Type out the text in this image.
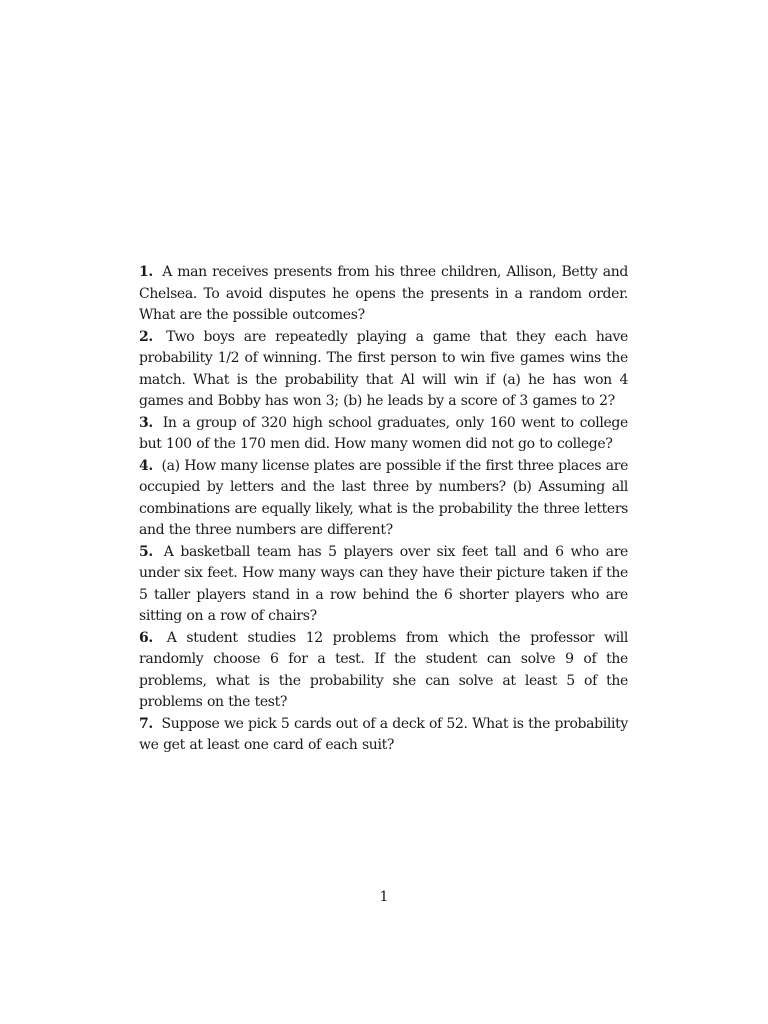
1. A man receives presents from his three children, Allison, Betty and Chelsea. To avoid disputes he opens the presents in a random order. What are the possible outcomes?
2. Two boys are repeatedly playing a game that they each have probability 1/2 of winning. The first person to win five games wins the match. What is the probability that Al will win if (a) he has won 4 games and Bobby has won 3; (b) he leads by a score of 3 games to 2?
3. In a group of 320 high school graduates, only 160 went to college but 100 of the 170 men did. How many women did not go to college?
4. (a) How many license plates are possible if the first three places are occupied by letters and the last three by numbers? (b) Assuming all combinations are equally likely, what is the probability the three letters and the three numbers are different?
5. A basketball team has 5 players over six feet tall and 6 who are under six feet. How many ways can they have their picture taken if the 5 taller players stand in a row behind the 6 shorter players who are sitting on a row of chairs?
6. A student studies 12 problems from which the professor will randomly choose 6 for a test. If the student can solve 9 of the problems, what is the probability she can solve at least 5 of the problems on the test?
7. Suppose we pick 5 cards out of a deck of 52. What is the probability we get at least one card of each suit?
1
